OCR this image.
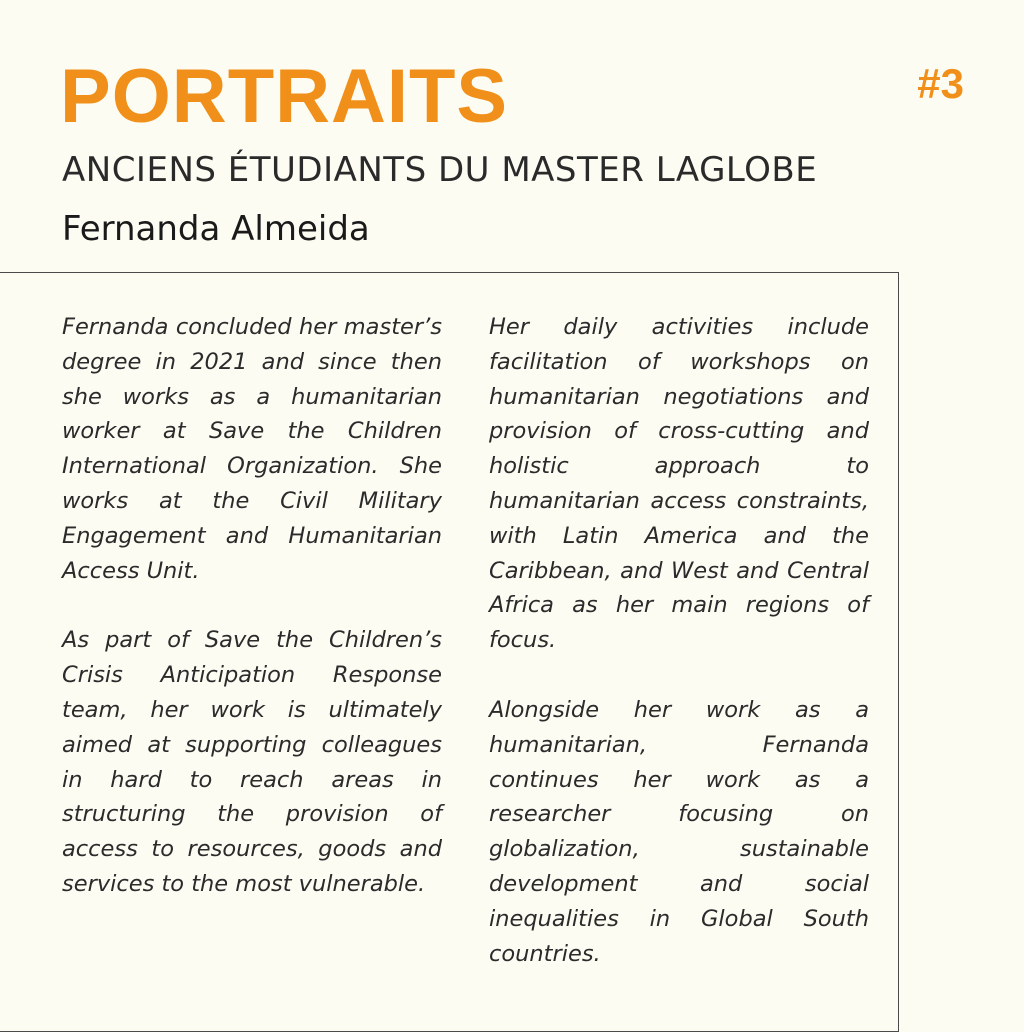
PORTRAITS	#3
ANCIENS ÉTUDIANTS DU MASTER LAGLOBE
Fernanda Almeida

Fernanda concluded her master’s degree in 2021 and since then she works as a humanitarian worker at Save the Children International Organization. She works at the Civil Military Engagement and Humanitarian Access Unit.

As part of Save the Children’s Crisis Anticipation Response team, her work is ultimately aimed at supporting colleagues in hard to reach areas in structuring the provision of access to resources, goods and services to the most vulnerable.

Her daily activities include facilitation of workshops on humanitarian negotiations and provision of cross-cutting and holistic approach to humanitarian access constraints, with Latin America and the Caribbean, and West and Central Africa as her main regions of focus.

Alongside her work as a humanitarian, Fernanda continues her work as a researcher focusing on globalization, sustainable development and social inequalities in Global South countries.
